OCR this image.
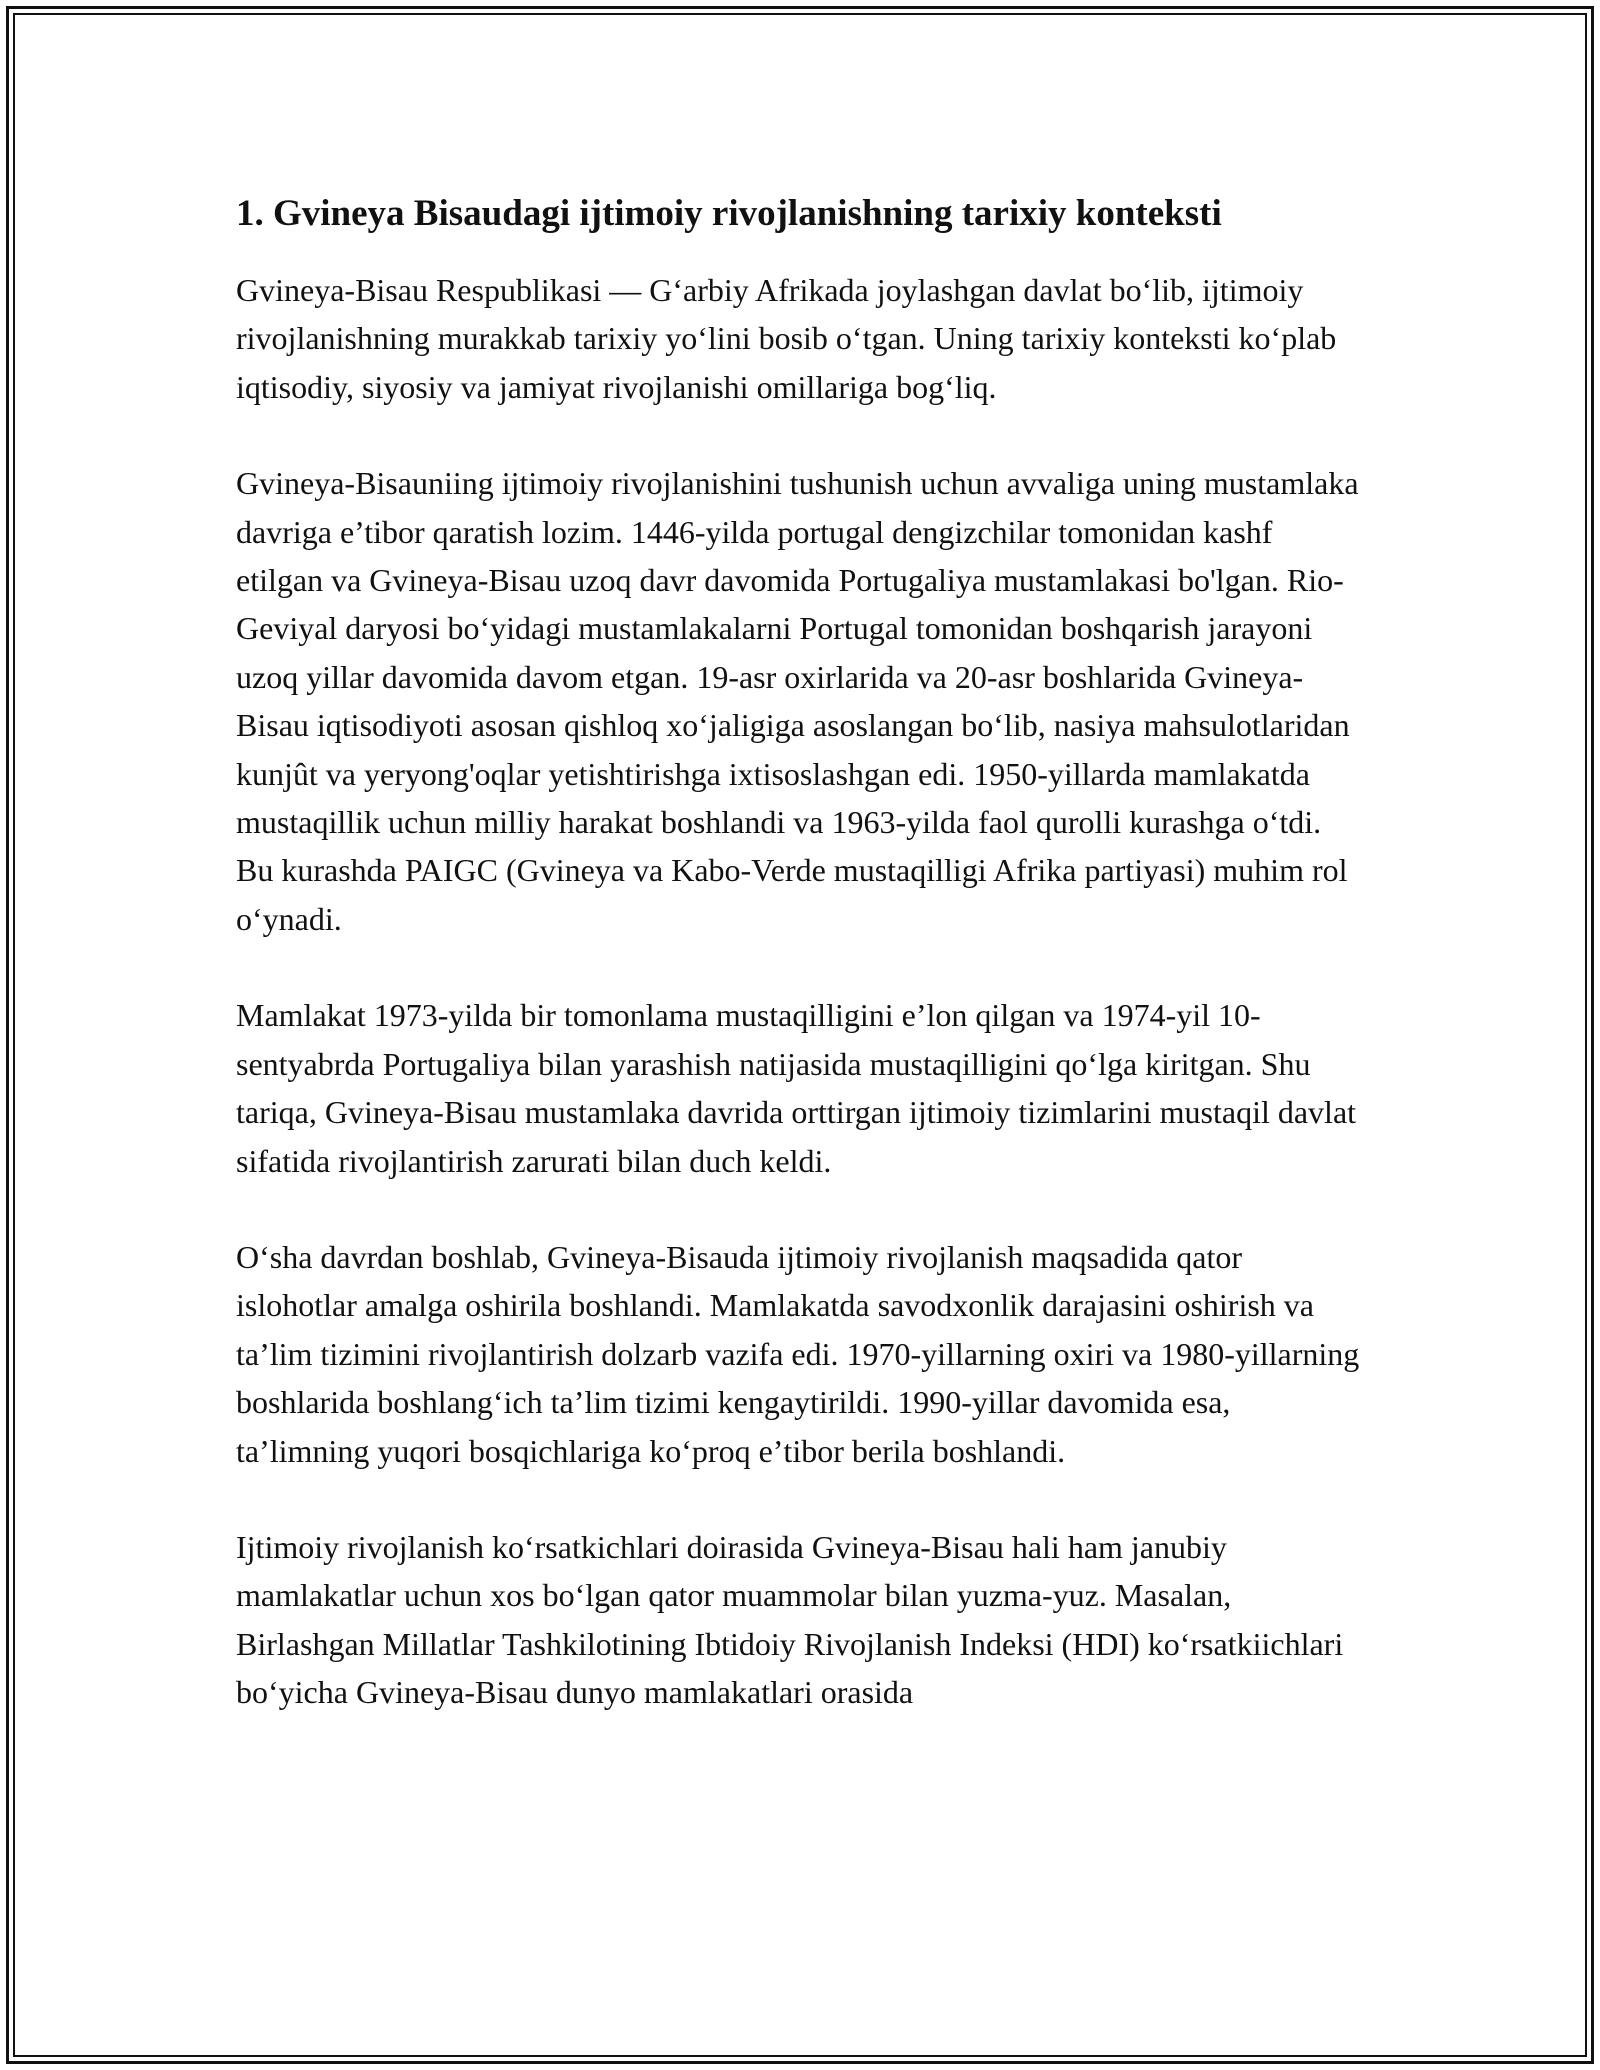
1. Gvineya Bisaudagi ijtimoiy rivojlanishning tarixiy konteksti

Gvineya-Bisau Respublikasi — G‘arbiy Afrikada joylashgan davlat bo‘lib, ijtimoiy rivojlanishning murakkab tarixiy yo‘lini bosib o‘tgan. Uning tarixiy konteksti ko‘plab iqtisodiy, siyosiy va jamiyat rivojlanishi omillariga bog‘liq.

Gvineya-Bisauniing ijtimoiy rivojlanishini tushunish uchun avvaliga uning mustamlaka davriga e’tibor qaratish lozim. 1446-yilda portugal dengizchilar tomonidan kashf etilgan va Gvineya-Bisau uzoq davr davomida Portugaliya mustamlakasi bo'lgan. Rio-Geviyal daryosi bo‘yidagi mustamlakalarni Portugal tomonidan boshqarish jarayoni uzoq yillar davomida davom etgan. 19-asr oxirlarida va 20-asr boshlarida Gvineya-Bisau iqtisodiyoti asosan qishloq xo‘jaligiga asoslangan bo‘lib, nasiya mahsulotlaridan kunjût va yeryong'oqlar yetishtirishga ixtisoslashgan edi. 1950-yillarda mamlakatda mustaqillik uchun milliy harakat boshlandi va 1963-yilda faol qurolli kurashga o‘tdi. Bu kurashda PAIGC (Gvineya va Kabo-Verde mustaqilligi Afrika partiyasi) muhim rol o‘ynadi.

Mamlakat 1973-yilda bir tomonlama mustaqilligini e’lon qilgan va 1974-yil 10-sentyabrda Portugaliya bilan yarashish natijasida mustaqilligini qo‘lga kiritgan. Shu tariqa, Gvineya-Bisau mustamlaka davrida orttirgan ijtimoiy tizimlarini mustaqil davlat sifatida rivojlantirish zarurati bilan duch keldi.

O‘sha davrdan boshlab, Gvineya-Bisauda ijtimoiy rivojlanish maqsadida qator islohotlar amalga oshirila boshlandi. Mamlakatda savodxonlik darajasini oshirish va ta’lim tizimini rivojlantirish dolzarb vazifa edi. 1970-yillarning oxiri va 1980-yillarning boshlarida boshlang‘ich ta’lim tizimi kengaytirildi. 1990-yillar davomida esa, ta’limning yuqori bosqichlariga ko‘proq eʼtibor berila boshlandi.

Ijtimoiy rivojlanish ko‘rsatkichlari doirasida Gvineya-Bisau hali ham janubiy mamlakatlar uchun xos bo‘lgan qator muammolar bilan yuzma-yuz. Masalan, Birlashgan Millatlar Tashkilotining Ibtidoiy Rivojlanish Indeksi (HDI) ko‘rsatkiichlari bo‘yicha Gvineya-Bisau dunyo mamlakatlari orasida
